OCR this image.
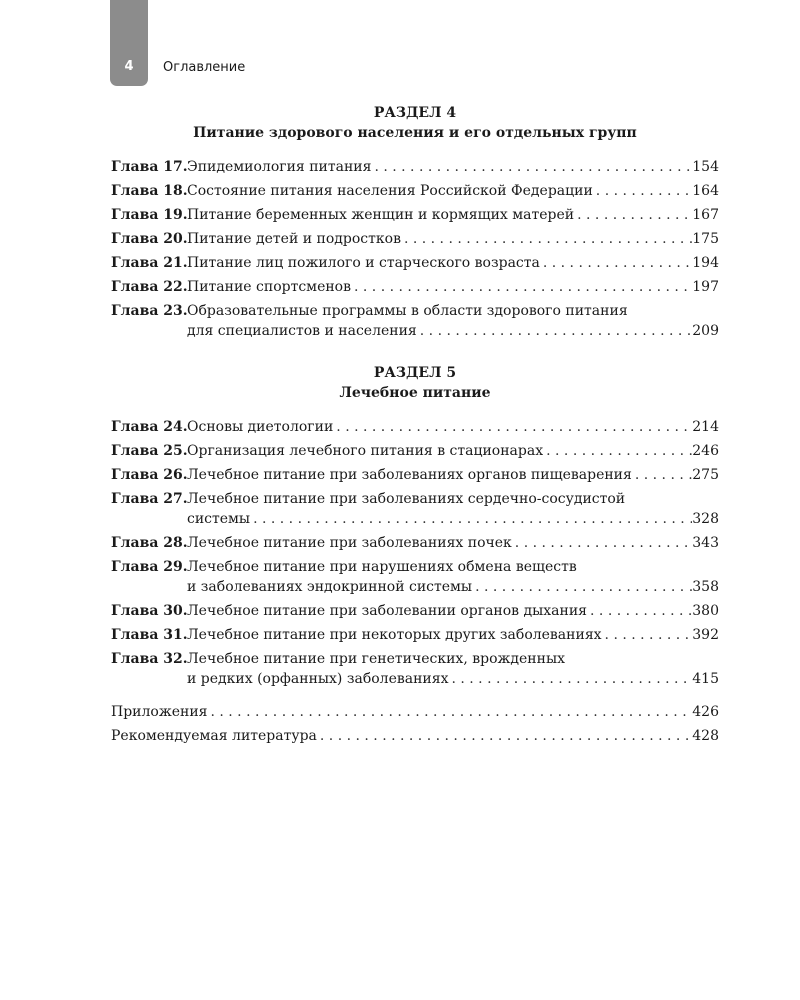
4	Оглавление
РАЗДЕЛ 4
Питание здорового населения и его отдельных групп
Глава 17. Эпидемиология питания . . .	154
Глава 18. Состояние питания населения Российской Федерации . . .	164
Глава 19. Питание беременных женщин и кормящих матерей . . .	167
Глава 20. Питание детей и подростков . . .	175
Глава 21. Питание лиц пожилого и старческого возраста . . .	194
Глава 22. Питание спортсменов . . .	197
Глава 23. Образовательные программы в области здорового питания
для специалистов и населения . . .	209
РАЗДЕЛ 5
Лечебное питание
Глава 24. Основы диетологии . . .	214
Глава 25. Организация лечебного питания в стационарах . . .	246
Глава 26. Лечебное питание при заболеваниях органов пищеварения . . .	275
Глава 27. Лечебное питание при заболеваниях сердечно-сосудистой
системы . . .	328
Глава 28. Лечебное питание при заболеваниях почек . . .	343
Глава 29. Лечебное питание при нарушениях обмена веществ
и заболеваниях эндокринной системы . . .	358
Глава 30. Лечебное питание при заболевании органов дыхания . . .	380
Глава 31. Лечебное питание при некоторых других заболеваниях . . .	392
Глава 32. Лечебное питание при генетических, врожденных
и редких (орфанных) заболеваниях . . .	415
Приложения . . .	426
Рекомендуемая литература . . .	428
